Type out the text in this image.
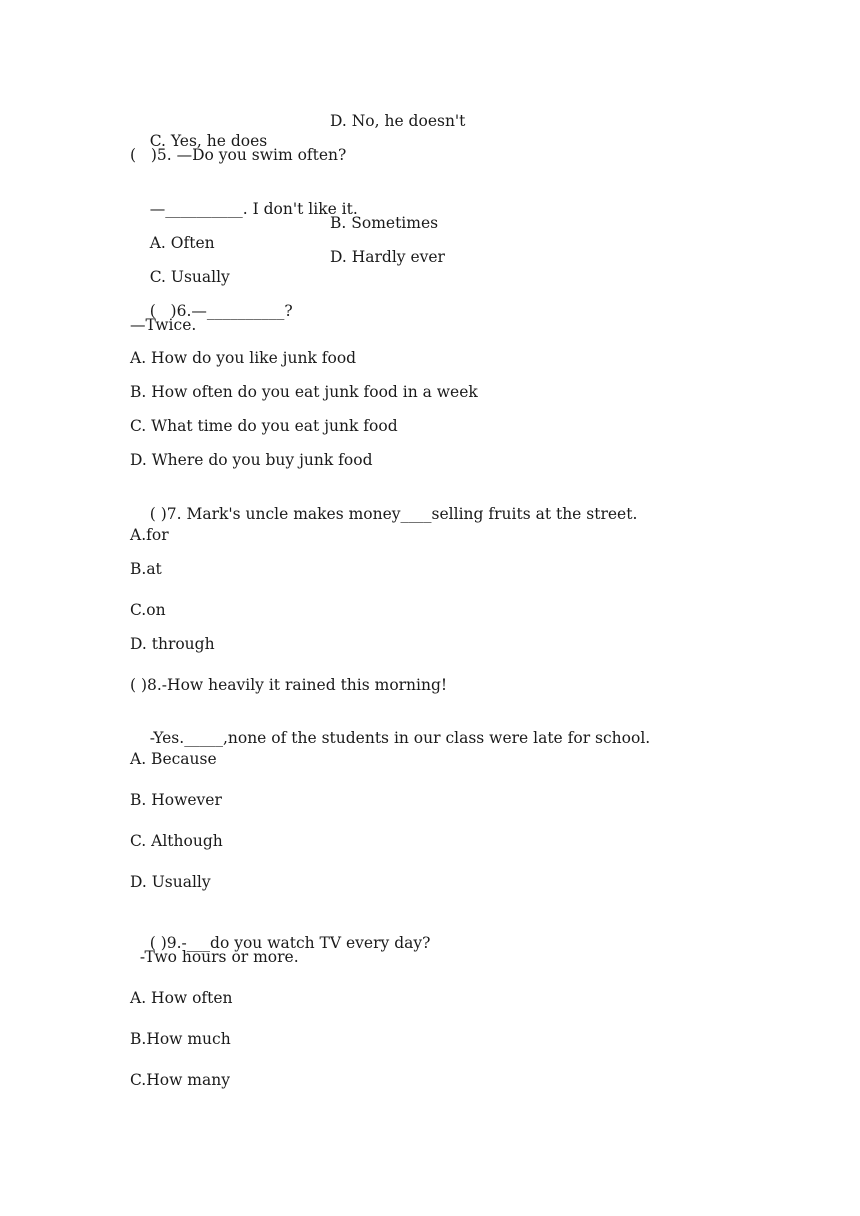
C. Yes, he does

D. No, he doesn't

(   )5. —Do you swim often?

—__________. I don't like it.

A. Often

B. Sometimes

C. Usually

D. Hardly ever

(   )6.—__________?

—Twice.
A. How do you like junk food
B. How often do you eat junk food in a week
C. What time do you eat junk food
D. Where do you buy junk food

( )7. Mark's uncle makes money____selling fruits at the street.

A.for
B.at
C.on
D. through
( )8.-How heavily it rained this morning!

-Yes._____,none of the students in our class were late for school.

A. Because
B. However
C. Although
D. Usually

( )9.-___do you watch TV every day?

-Two hours or more.
A. How often
B.How much
C.How many
